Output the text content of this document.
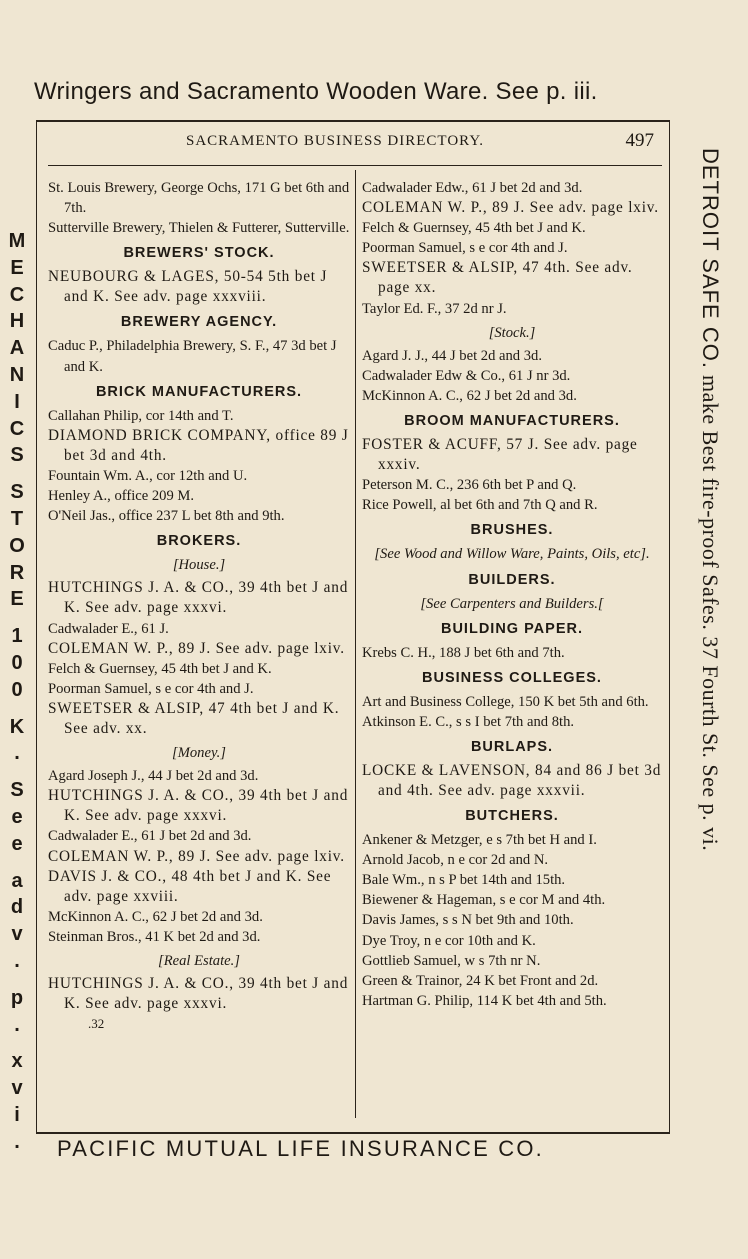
Wringers and Sacramento Wooden Ware. See p. iii.
M
E
C
H
A
N
I
C
S

S
T
O
R
E

1
0
0

K
.

S
e
e

a
d
v
.

p
.

x
v
i
.
DETROIT SAFE CO. make Best fire-proof Safes. 37 Fourth St. See p. vi.
SACRAMENTO BUSINESS DIRECTORY.	497

St. Louis Brewery, George Ochs, 171 G bet 6th and 7th.

Sutterville Brewery, Thielen & Futterer, Sutterville.

BREWERS' STOCK.

NEUBOURG & LAGES, 50-54 5th bet J and K. See adv. page xxxviii.

BREWERY AGENCY.

Caduc P., Philadelphia Brewery, S. F., 47 3d bet J and K.

BRICK MANUFACTURERS.

Callahan Philip, cor 14th and T.

DIAMOND BRICK COMPANY, office 89 J bet 3d and 4th.

Fountain Wm. A., cor 12th and U.

Henley A., office 209 M.

O'Neil Jas., office 237 L bet 8th and 9th.

BROKERS.

[House.]

HUTCHINGS J. A. & CO., 39 4th bet J and K. See adv. page xxxvi.

Cadwalader E., 61 J.

COLEMAN W. P., 89 J. See adv. page lxiv.

Felch & Guernsey, 45 4th bet J and K.

Poorman Samuel, s e cor 4th and J.

SWEETSER & ALSIP, 47 4th bet J and K. See adv. xx.

[Money.]

Agard Joseph J., 44 J bet 2d and 3d.

HUTCHINGS J. A. & CO., 39 4th bet J and K. See adv. page xxxvi.

Cadwalader E., 61 J bet 2d and 3d.

COLEMAN W. P., 89 J. See adv. page lxiv.

DAVIS J. & CO., 48 4th bet J and K. See adv. page xxviii.

McKinnon A. C., 62 J bet 2d and 3d.

Steinman Bros., 41 K bet 2d and 3d.

[Real Estate.]

HUTCHINGS J. A. & CO., 39 4th bet J and K. See adv. page xxxvi.

.32

Cadwalader Edw., 61 J bet 2d and 3d.

COLEMAN W. P., 89 J. See adv. page lxiv.

Felch & Guernsey, 45 4th bet J and K.

Poorman Samuel, s e cor 4th and J.

SWEETSER & ALSIP, 47 4th. See adv. page xx.

Taylor Ed. F., 37 2d nr J.

[Stock.]

Agard J. J., 44 J bet 2d and 3d.

Cadwalader Edw & Co., 61 J nr 3d.

McKinnon A. C., 62 J bet 2d and 3d.

BROOM MANUFACTURERS.

FOSTER & ACUFF, 57 J. See adv. page xxxiv.

Peterson M. C., 236 6th bet P and Q.

Rice Powell, al bet 6th and 7th Q and R.

BRUSHES.

[See Wood and Willow Ware, Paints, Oils, etc].

BUILDERS.

[See Carpenters and Builders.[

BUILDING PAPER.

Krebs C. H., 188 J bet 6th and 7th.

BUSINESS COLLEGES.

Art and Business College, 150 K bet 5th and 6th.

Atkinson E. C., s s I bet 7th and 8th.

BURLAPS.

LOCKE & LAVENSON, 84 and 86 J bet 3d and 4th. See adv. page xxxvii.

BUTCHERS.

Ankener & Metzger, e s 7th bet H and I.

Arnold Jacob, n e cor 2d and N.

Bale Wm., n s P bet 14th and 15th.

Biewener & Hageman, s e cor M and 4th.

Davis James, s s N bet 9th and 10th.

Dye Troy, n e cor 10th and K.

Gottlieb Samuel, w s 7th nr N.

Green & Trainor, 24 K bet Front and 2d.

Hartman G. Philip, 114 K bet 4th and 5th.

PACIFIC MUTUAL LIFE INSURANCE CO.
